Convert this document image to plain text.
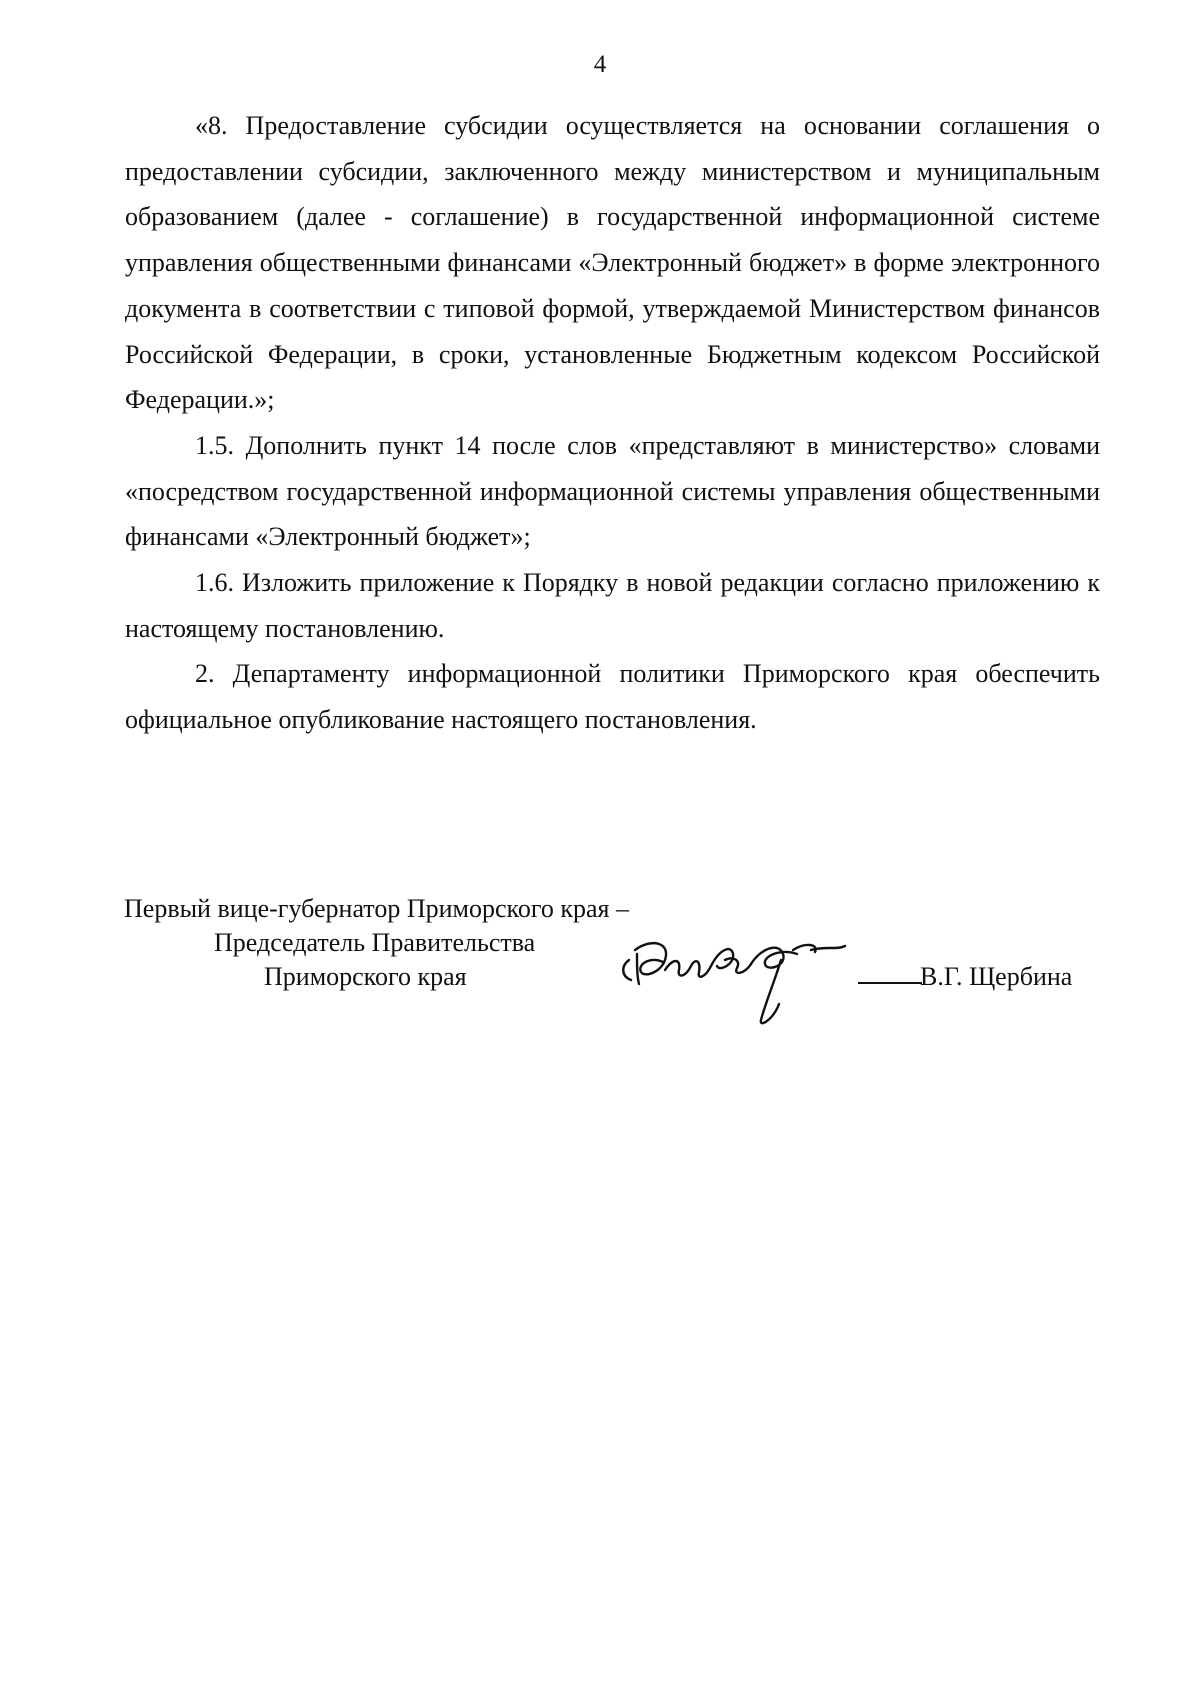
4

«8. Предоставление субсидии осуществляется на основании соглашения о предоставлении субсидии, заключенного между министерством и муниципальным образованием (далее - соглашение) в государственной информационной системе управления общественными финансами «Электронный бюджет» в форме электронного документа в соответствии с типовой формой, утверждаемой Министерством финансов Российской Федерации, в сроки, установленные Бюджетным кодексом Российской Федерации.»;

1.5. Дополнить пункт 14 после слов «представляют в министерство» словами «посредством государственной информационной системы управления общественными финансами «Электронный бюджет»;

1.6. Изложить приложение к Порядку в новой редакции согласно приложению к настоящему постановлению.

2. Департаменту информационной политики Приморского края обеспечить официальное опубликование настоящего постановления.

Первый вице-губернатор Приморского края –
Председатель Правительства
Приморского края	В.Г. Щербина
